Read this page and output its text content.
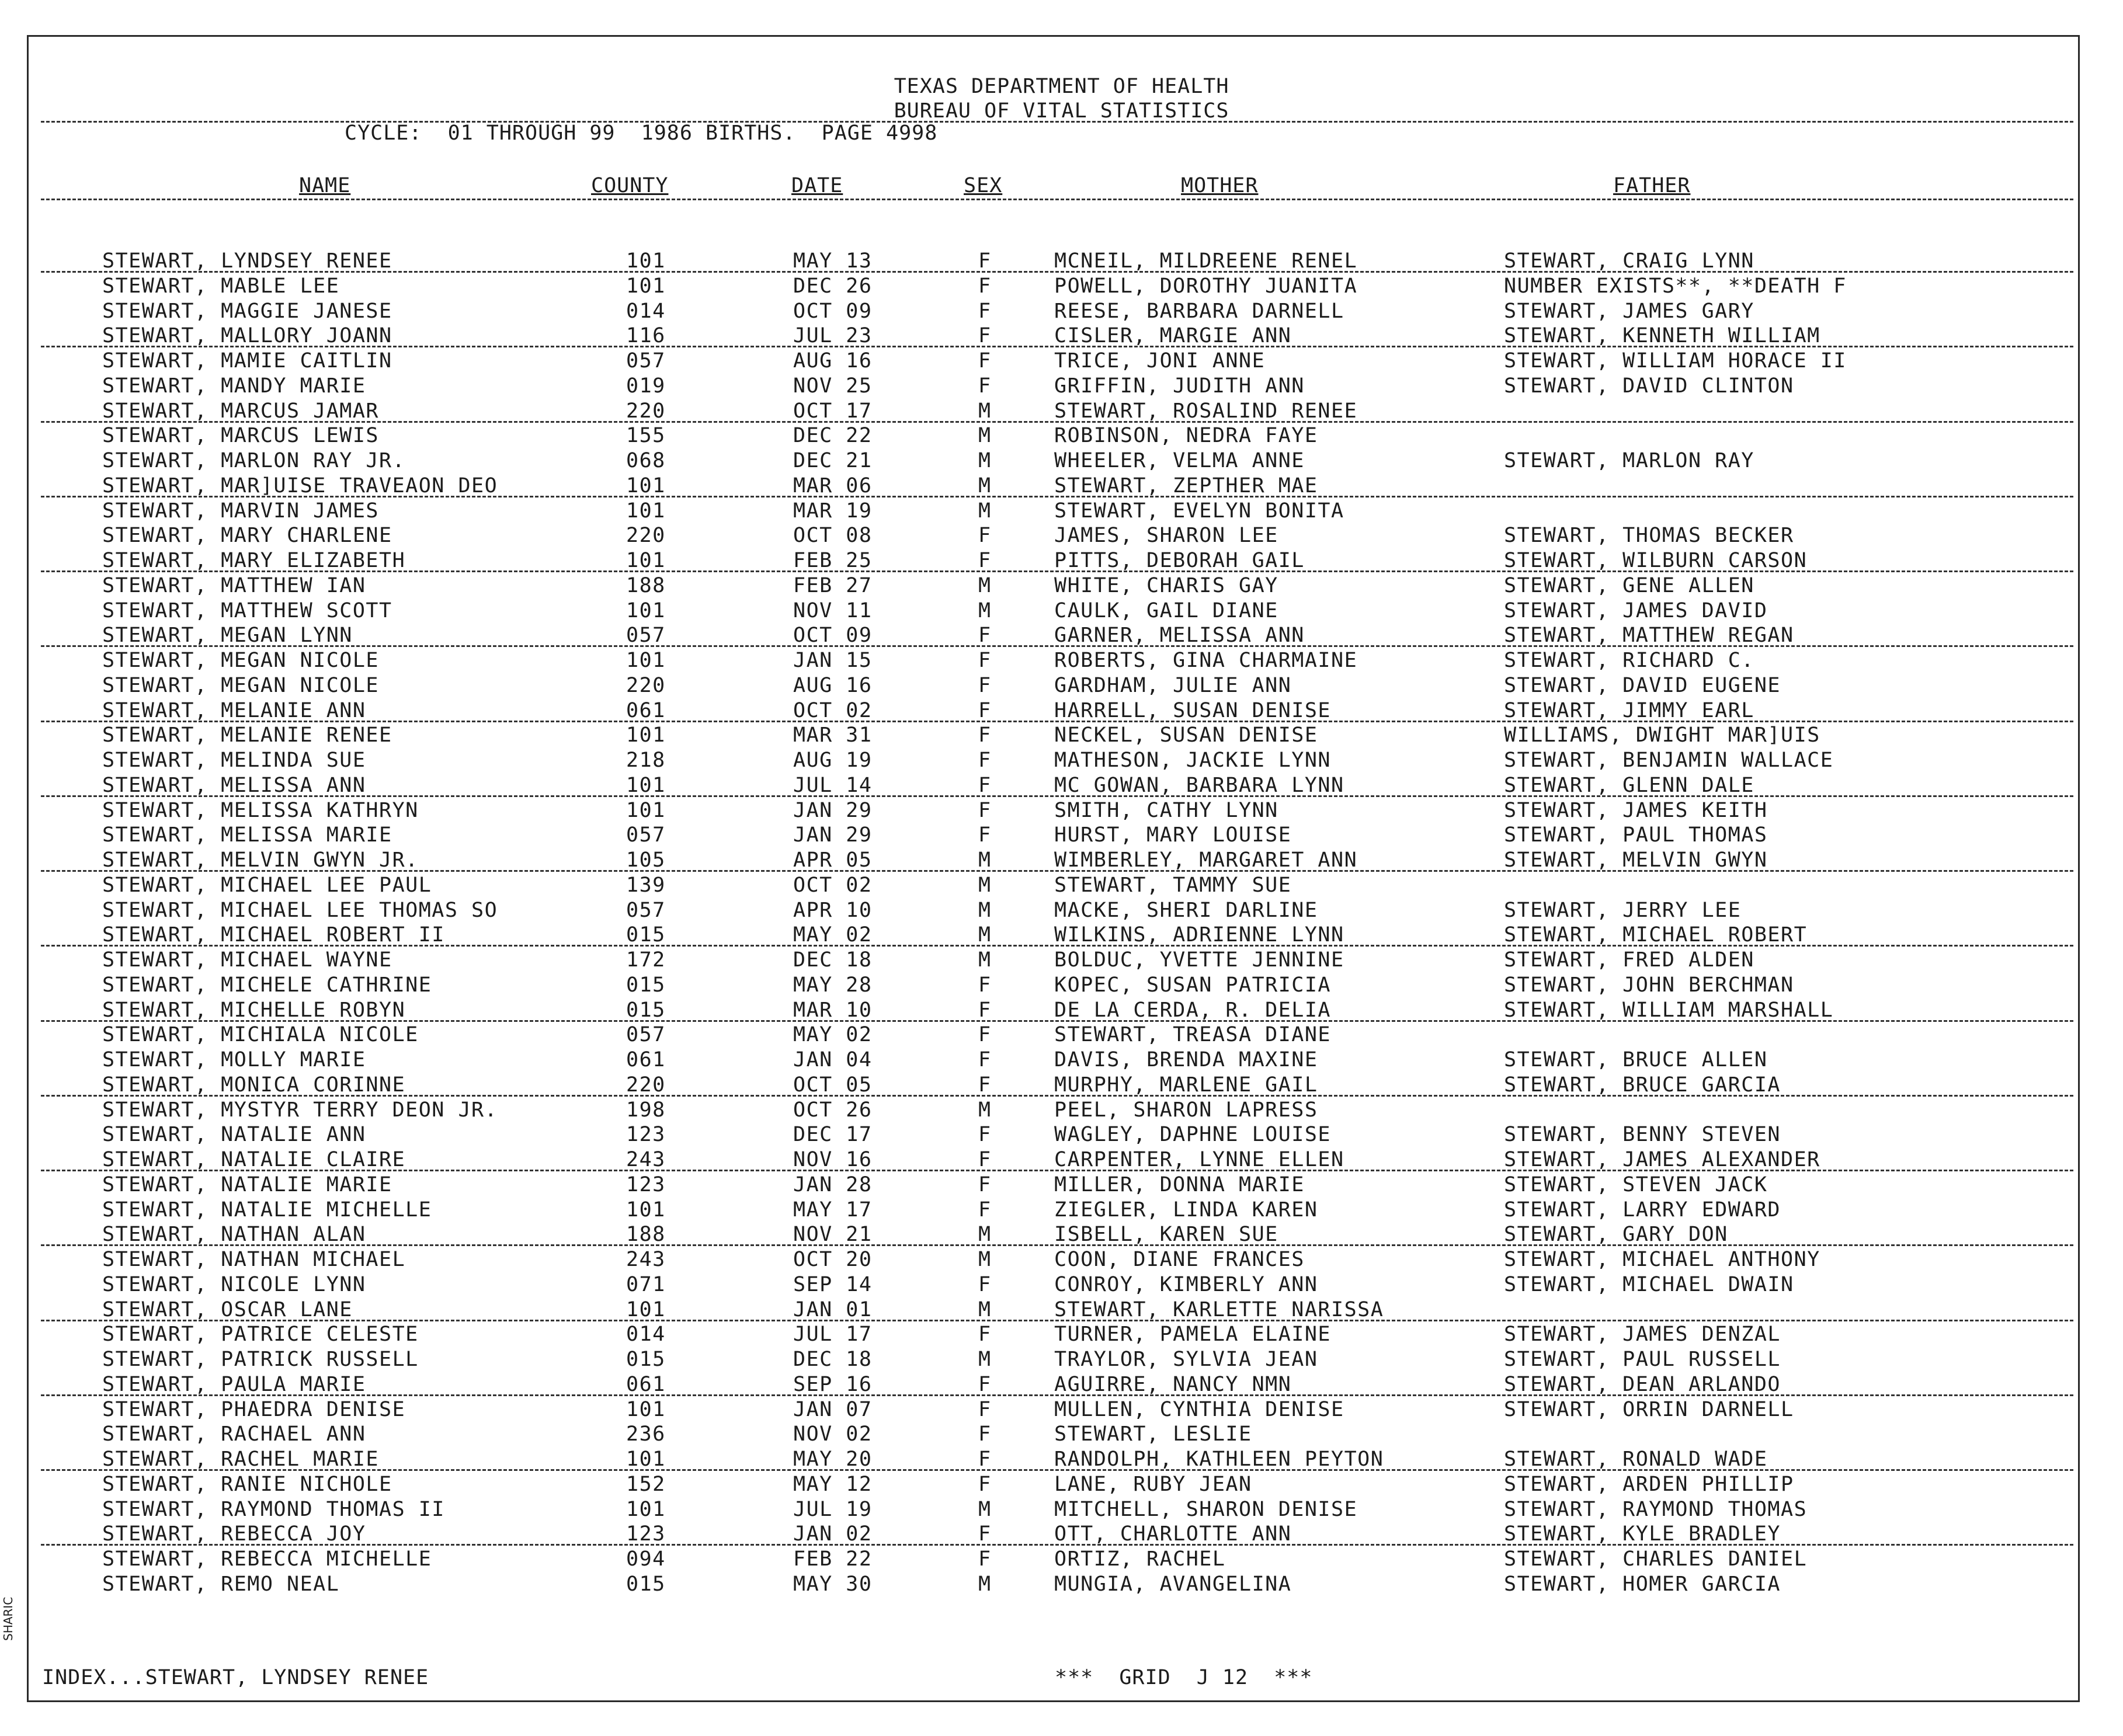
TEXAS DEPARTMENT OF HEALTH
BUREAU OF VITAL STATISTICS
CYCLE:  01 THROUGH 99  1986 BIRTHS.  PAGE 4998
NAME	COUNTY	DATE	SEX	MOTHER	FATHER
STEWART, LYNDSEY RENEE	101	MAY 13	F	MCNEIL, MILDREENE RENEL	STEWART, CRAIG LYNN
STEWART, MABLE LEE	101	DEC 26	F	POWELL, DOROTHY JUANITA	NUMBER EXISTS**, **DEATH F
STEWART, MAGGIE JANESE	014	OCT 09	F	REESE, BARBARA DARNELL	STEWART, JAMES GARY
STEWART, MALLORY JOANN	116	JUL 23	F	CISLER, MARGIE ANN	STEWART, KENNETH WILLIAM
STEWART, MAMIE CAITLIN	057	AUG 16	F	TRICE, JONI ANNE	STEWART, WILLIAM HORACE II
STEWART, MANDY MARIE	019	NOV 25	F	GRIFFIN, JUDITH ANN	STEWART, DAVID CLINTON
STEWART, MARCUS JAMAR	220	OCT 17	M	STEWART, ROSALIND RENEE
STEWART, MARCUS LEWIS	155	DEC 22	M	ROBINSON, NEDRA FAYE
STEWART, MARLON RAY JR.	068	DEC 21	M	WHEELER, VELMA ANNE	STEWART, MARLON RAY
STEWART, MAR]UISE TRAVEAON DEO	101	MAR 06	M	STEWART, ZEPTHER MAE
STEWART, MARVIN JAMES	101	MAR 19	M	STEWART, EVELYN BONITA
STEWART, MARY CHARLENE	220	OCT 08	F	JAMES, SHARON LEE	STEWART, THOMAS BECKER
STEWART, MARY ELIZABETH	101	FEB 25	F	PITTS, DEBORAH GAIL	STEWART, WILBURN CARSON
STEWART, MATTHEW IAN	188	FEB 27	M	WHITE, CHARIS GAY	STEWART, GENE ALLEN
STEWART, MATTHEW SCOTT	101	NOV 11	M	CAULK, GAIL DIANE	STEWART, JAMES DAVID
STEWART, MEGAN LYNN	057	OCT 09	F	GARNER, MELISSA ANN	STEWART, MATTHEW REGAN
STEWART, MEGAN NICOLE	101	JAN 15	F	ROBERTS, GINA CHARMAINE	STEWART, RICHARD C.
STEWART, MEGAN NICOLE	220	AUG 16	F	GARDHAM, JULIE ANN	STEWART, DAVID EUGENE
STEWART, MELANIE ANN	061	OCT 02	F	HARRELL, SUSAN DENISE	STEWART, JIMMY EARL
STEWART, MELANIE RENEE	101	MAR 31	F	NECKEL, SUSAN DENISE	WILLIAMS, DWIGHT MAR]UIS
STEWART, MELINDA SUE	218	AUG 19	F	MATHESON, JACKIE LYNN	STEWART, BENJAMIN WALLACE
STEWART, MELISSA ANN	101	JUL 14	F	MC GOWAN, BARBARA LYNN	STEWART, GLENN DALE
STEWART, MELISSA KATHRYN	101	JAN 29	F	SMITH, CATHY LYNN	STEWART, JAMES KEITH
STEWART, MELISSA MARIE	057	JAN 29	F	HURST, MARY LOUISE	STEWART, PAUL THOMAS
STEWART, MELVIN GWYN JR.	105	APR 05	M	WIMBERLEY, MARGARET ANN	STEWART, MELVIN GWYN
STEWART, MICHAEL LEE PAUL	139	OCT 02	M	STEWART, TAMMY SUE
STEWART, MICHAEL LEE THOMAS SO	057	APR 10	M	MACKE, SHERI DARLINE	STEWART, JERRY LEE
STEWART, MICHAEL ROBERT II	015	MAY 02	M	WILKINS, ADRIENNE LYNN	STEWART, MICHAEL ROBERT
STEWART, MICHAEL WAYNE	172	DEC 18	M	BOLDUC, YVETTE JENNINE	STEWART, FRED ALDEN
STEWART, MICHELE CATHRINE	015	MAY 28	F	KOPEC, SUSAN PATRICIA	STEWART, JOHN BERCHMAN
STEWART, MICHELLE ROBYN	015	MAR 10	F	DE LA CERDA, R. DELIA	STEWART, WILLIAM MARSHALL
STEWART, MICHIALA NICOLE	057	MAY 02	F	STEWART, TREASA DIANE
STEWART, MOLLY MARIE	061	JAN 04	F	DAVIS, BRENDA MAXINE	STEWART, BRUCE ALLEN
STEWART, MONICA CORINNE	220	OCT 05	F	MURPHY, MARLENE GAIL	STEWART, BRUCE GARCIA
STEWART, MYSTYR TERRY DEON JR.	198	OCT 26	M	PEEL, SHARON LAPRESS
STEWART, NATALIE ANN	123	DEC 17	F	WAGLEY, DAPHNE LOUISE	STEWART, BENNY STEVEN
STEWART, NATALIE CLAIRE	243	NOV 16	F	CARPENTER, LYNNE ELLEN	STEWART, JAMES ALEXANDER
STEWART, NATALIE MARIE	123	JAN 28	F	MILLER, DONNA MARIE	STEWART, STEVEN JACK
STEWART, NATALIE MICHELLE	101	MAY 17	F	ZIEGLER, LINDA KAREN	STEWART, LARRY EDWARD
STEWART, NATHAN ALAN	188	NOV 21	M	ISBELL, KAREN SUE	STEWART, GARY DON
STEWART, NATHAN MICHAEL	243	OCT 20	M	COON, DIANE FRANCES	STEWART, MICHAEL ANTHONY
STEWART, NICOLE LYNN	071	SEP 14	F	CONROY, KIMBERLY ANN	STEWART, MICHAEL DWAIN
STEWART, OSCAR LANE	101	JAN 01	M	STEWART, KARLETTE NARISSA
STEWART, PATRICE CELESTE	014	JUL 17	F	TURNER, PAMELA ELAINE	STEWART, JAMES DENZAL
STEWART, PATRICK RUSSELL	015	DEC 18	M	TRAYLOR, SYLVIA JEAN	STEWART, PAUL RUSSELL
STEWART, PAULA MARIE	061	SEP 16	F	AGUIRRE, NANCY NMN	STEWART, DEAN ARLANDO
STEWART, PHAEDRA DENISE	101	JAN 07	F	MULLEN, CYNTHIA DENISE	STEWART, ORRIN DARNELL
STEWART, RACHAEL ANN	236	NOV 02	F	STEWART, LESLIE
STEWART, RACHEL MARIE	101	MAY 20	F	RANDOLPH, KATHLEEN PEYTON	STEWART, RONALD WADE
STEWART, RANIE NICHOLE	152	MAY 12	F	LANE, RUBY JEAN	STEWART, ARDEN PHILLIP
STEWART, RAYMOND THOMAS II	101	JUL 19	M	MITCHELL, SHARON DENISE	STEWART, RAYMOND THOMAS
STEWART, REBECCA JOY	123	JAN 02	F	OTT, CHARLOTTE ANN	STEWART, KYLE BRADLEY
STEWART, REBECCA MICHELLE	094	FEB 22	F	ORTIZ, RACHEL	STEWART, CHARLES DANIEL
STEWART, REMO NEAL	015	MAY 30	M	MUNGIA, AVANGELINA	STEWART, HOMER GARCIA
INDEX...STEWART, LYNDSEY RENEE	***  GRID  J 12  ***
SHARIC
